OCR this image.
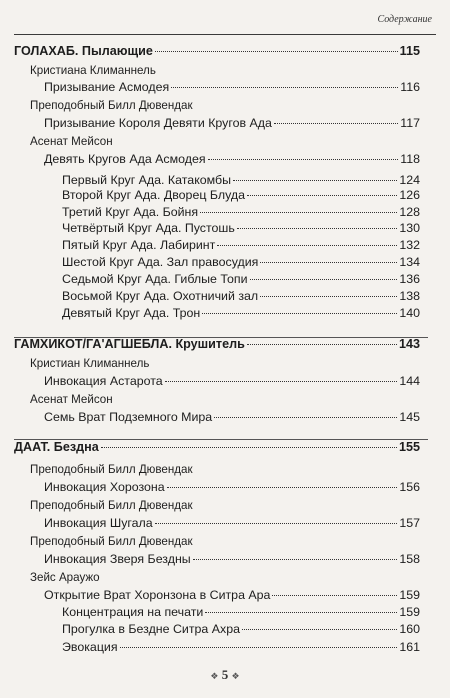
Содержание
ГОЛАХАБ. Пылающие	115
Кристиана Климаннель
Призывание Асмодея	116
Преподобный Билл Дювендак
Призывание Короля Девяти Кругов Ада	117
Асенат Мейсон
Девять Кругов Ада Асмодея	118
Первый Круг Ада. Катакомбы	124
Второй Круг Ада. Дворец Блуда	126
Третий Круг Ада. Бойня	128
Четвёртый Круг Ада. Пустошь	130
Пятый Круг Ада. Лабиринт	132
Шестой Круг Ада. Зал правосудия	134
Седьмой Круг Ада. Гиблые Топи	136
Восьмой Круг Ада. Охотничий зал	138
Девятый Круг Ада. Трон	140
ГАМХИКОТ/ГА'АГШЕБЛА. Крушитель	143
Кристиан Климаннель
Инвокация Астарота	144
Асенат Мейсон
Семь Врат Подземного Мира	145
ДААТ. Бездна	155
Преподобный Билл Дювендак
Инвокация Хорозона	156
Преподобный Билл Дювендак
Инвокация Шугала	157
Преподобный Билл Дювендак
Инвокация Зверя Бездны	158
Зейс Араужо
Открытие Врат Хоронзона в Ситра Ара	159
Концентрация на печати	159
Прогулка в Бездне Ситра Ахра	160
Эвокация	161
❖ 5 ❖
